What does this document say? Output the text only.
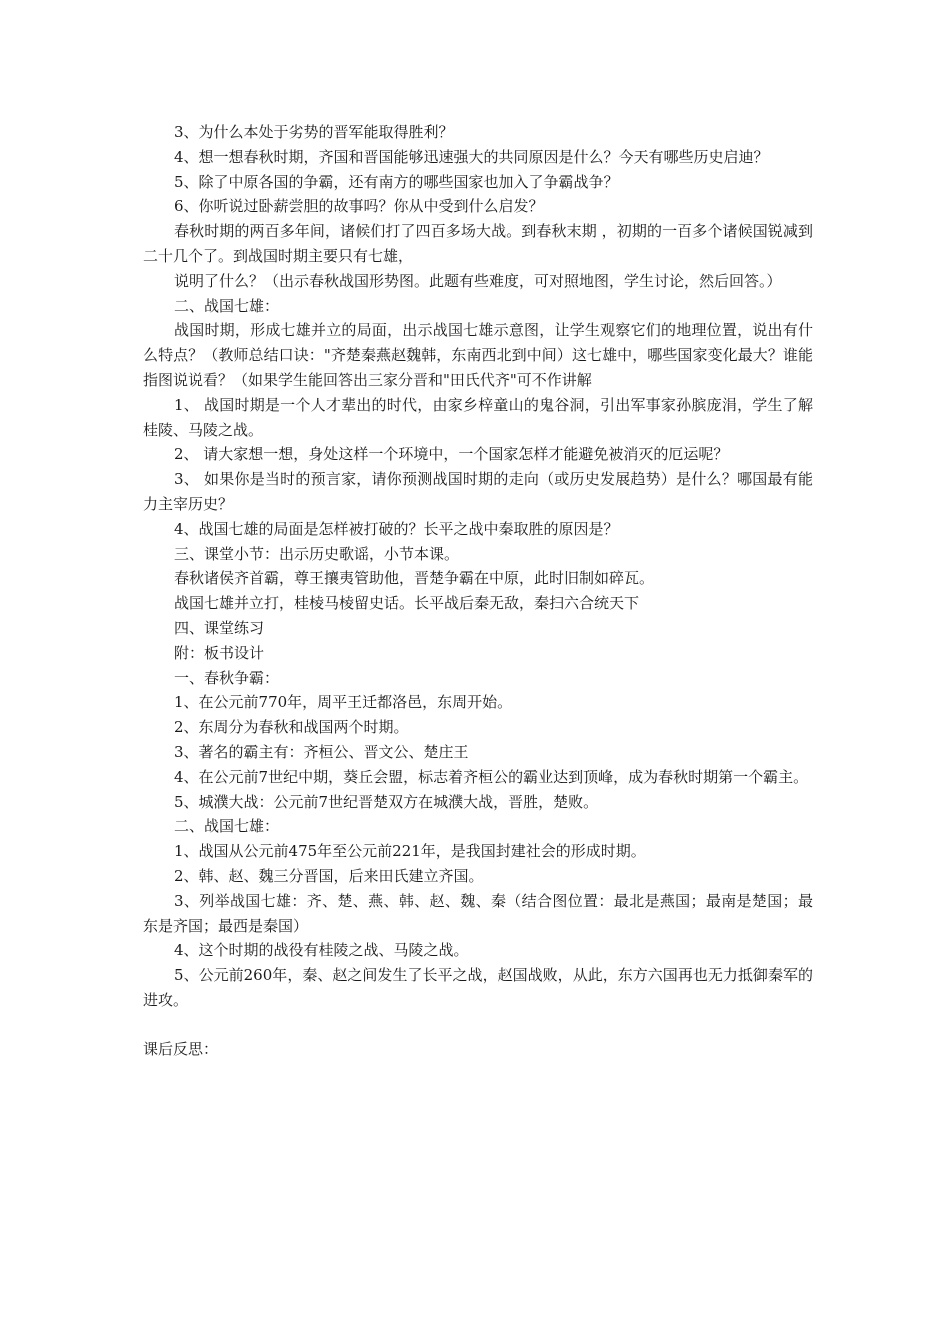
3、为什么本处于劣势的晋军能取得胜利？

4、想一想春秋时期，齐国和晋国能够迅速强大的共同原因是什么？今天有哪些历史启迪？

5、除了中原各国的争霸，还有南方的哪些国家也加入了争霸战争？

6、你听说过卧薪尝胆的故事吗？你从中受到什么启发？

春秋时期的两百多年间，诸候们打了四百多场大战。到春秋末期 ，初期的一百多个诸候国锐减到二十几个了。到战国时期主要只有七雄，

说明了什么？（出示春秋战国形势图。此题有些难度，可对照地图，学生讨论，然后回答。）

二、战国七雄：

战国时期，形成七雄并立的局面，出示战国七雄示意图，让学生观察它们的地理位置，说出有什么特点？（教师总结口诀："齐楚秦燕赵魏韩，东南西北到中间）这七雄中，哪些国家变化最大？谁能指图说说看？（如果学生能回答出三家分晋和"田氏代齐"可不作讲解

1、 战国时期是一个人才辈出的时代，由家乡梓童山的鬼谷洞，引出军事家孙膑庞涓，学生了解桂陵、马陵之战。

2、 请大家想一想，身处这样一个环境中，一个国家怎样才能避免被消灭的厄运呢？

3、 如果你是当时的预言家，请你预测战国时期的走向（或历史发展趋势）是什么？哪国最有能力主宰历史？

4、战国七雄的局面是怎样被打破的？长平之战中秦取胜的原因是？

三、课堂小节：出示历史歌谣，小节本课。

春秋诸侯齐首霸，尊王攘夷管助他，晋楚争霸在中原，此时旧制如碎瓦。

战国七雄并立打，桂棱马棱留史话。长平战后秦无敌，秦扫六合统天下

四、课堂练习

附：板书设计

一、春秋争霸：

1、在公元前770年，周平王迁都洛邑，东周开始。

2、东周分为春秋和战国两个时期。

3、著名的霸主有：齐桓公、晋文公、楚庄王

4、在公元前7世纪中期，葵丘会盟，标志着齐桓公的霸业达到顶峰，成为春秋时期第一个霸主。

5、城濮大战：公元前7世纪晋楚双方在城濮大战，晋胜，楚败。

二、战国七雄：

1、战国从公元前475年至公元前221年，是我国封建社会的形成时期。

2、韩、赵、魏三分晋国，后来田氏建立齐国。

3、列举战国七雄：齐、楚、燕、韩、赵、魏、秦（结合图位置：最北是燕国；最南是楚国；最东是齐国；最西是秦国）

4、这个时期的战役有桂陵之战、马陵之战。

5、公元前260年，秦、赵之间发生了长平之战，赵国战败，从此，东方六国再也无力抵御秦军的进攻。

课后反思：
